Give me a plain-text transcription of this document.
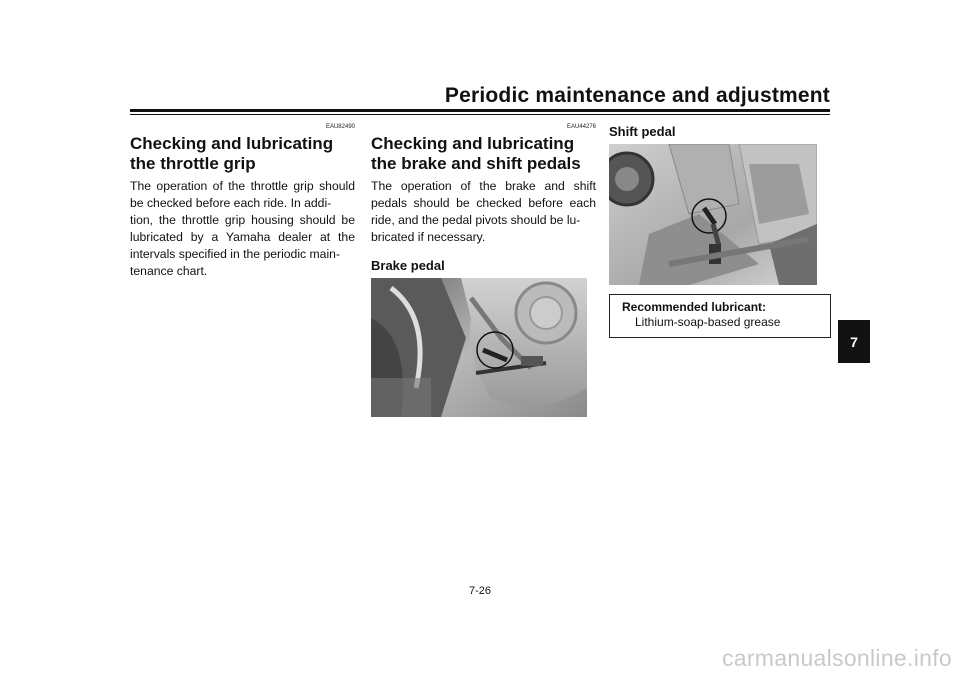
Periodic maintenance and adjustment

EAU82490

Checking and lubricating the throttle grip

The operation of the throttle grip should be checked before each ride. In addi-
tion, the throttle grip housing should be lubricated by a Yamaha dealer at the intervals specified in the periodic main-
tenance chart.

EAU44276

Checking and lubricating the brake and shift pedals

The operation of the brake and shift pedals should be checked before each ride, and the pedal pivots should be lu-
bricated if necessary.

Brake pedal
Shift pedal

Recommended lubricant:

Lithium-soap-based grease

7

7-26

carmanualsonline.info
